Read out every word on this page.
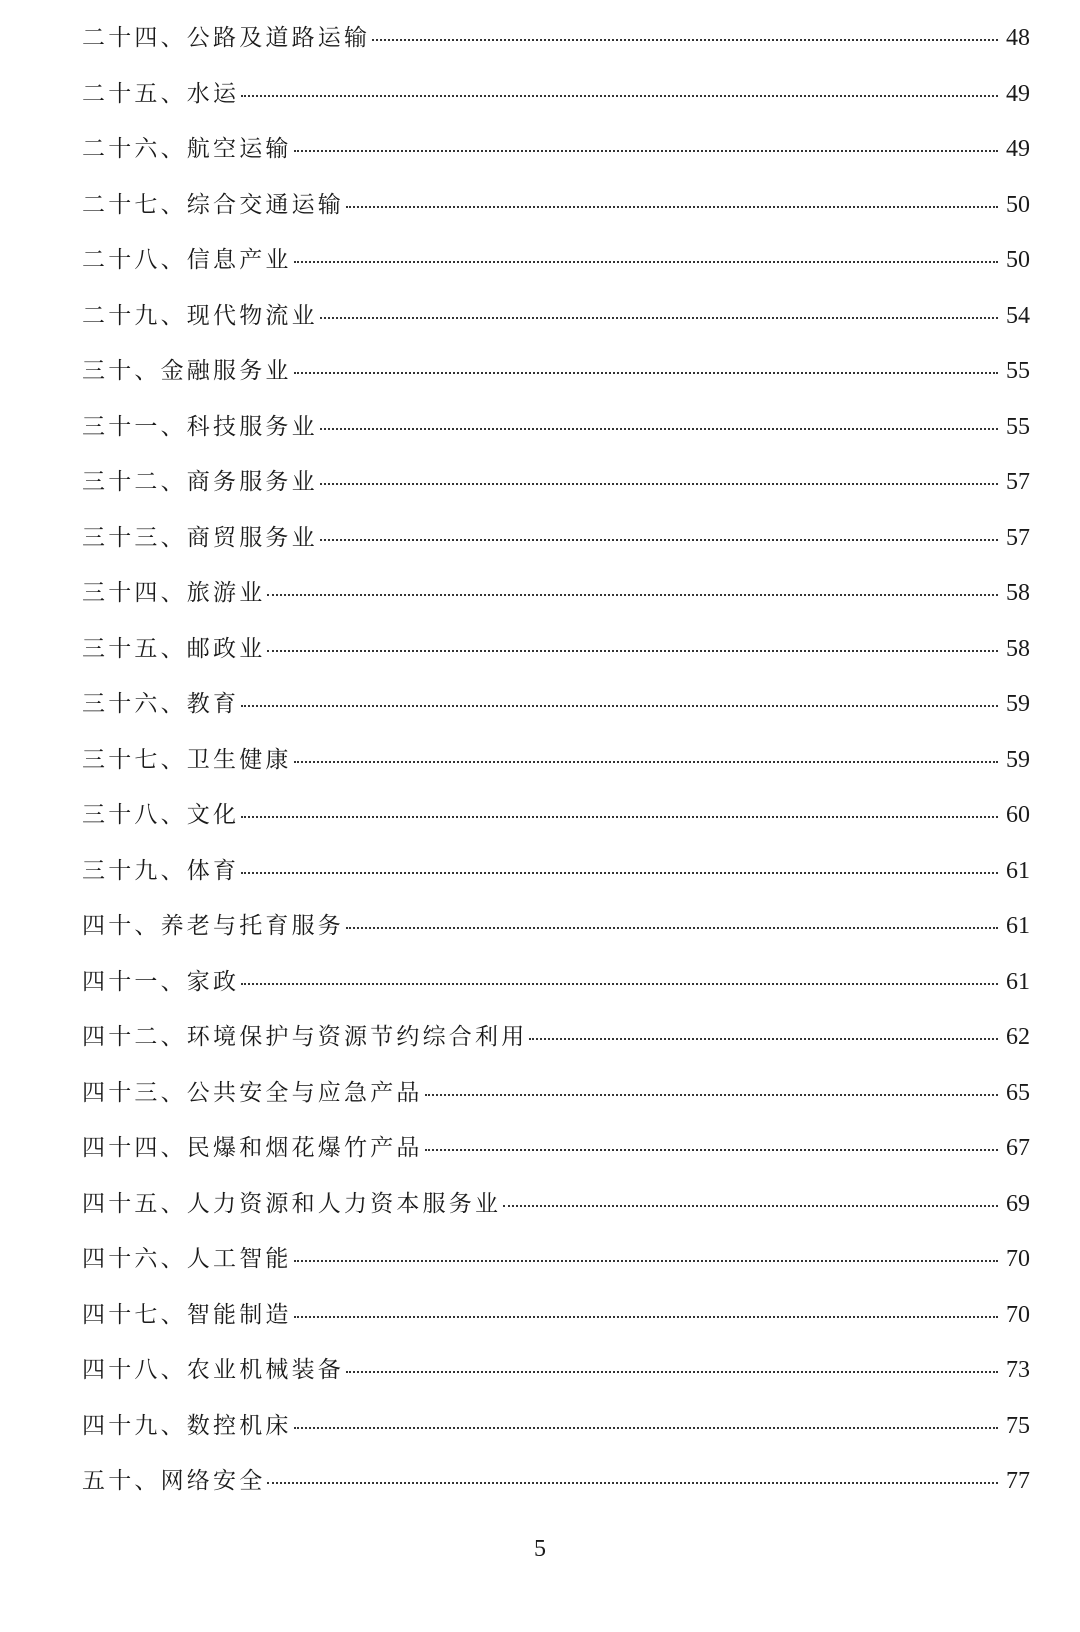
二十四、公路及道路运输	48
二十五、水运	49
二十六、航空运输	49
二十七、综合交通运输	50
二十八、信息产业	50
二十九、现代物流业	54
三十、金融服务业	55
三十一、科技服务业	55
三十二、商务服务业	57
三十三、商贸服务业	57
三十四、旅游业	58
三十五、邮政业	58
三十六、教育	59
三十七、卫生健康	59
三十八、文化	60
三十九、体育	61
四十、养老与托育服务	61
四十一、家政	61
四十二、环境保护与资源节约综合利用	62
四十三、公共安全与应急产品	65
四十四、民爆和烟花爆竹产品	67
四十五、人力资源和人力资本服务业	69
四十六、人工智能	70
四十七、智能制造	70
四十八、农业机械装备	73
四十九、数控机床	75
五十、网络安全	77
5
